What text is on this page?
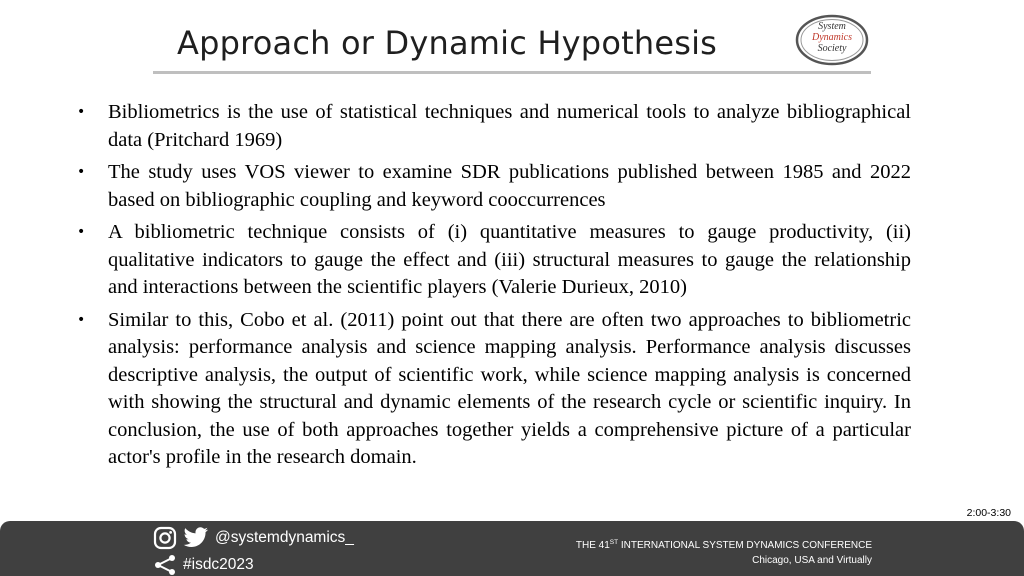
Approach or Dynamic Hypothesis	System
Dynamics
Society
• Bibliometrics is the use of statistical techniques and numerical tools to analyze bibliographical data (Pritchard 1969)
• The study uses VOS viewer to examine SDR publications published between 1985 and 2022 based on bibliographic coupling and keyword cooccurrences
• A bibliometric technique consists of (i) quantitative measures to gauge productivity, (ii) qualitative indicators to gauge the effect and (iii) structural measures to gauge the relationship and interactions between the scientific players (Valerie Durieux, 2010)
• Similar to this, Cobo et al. (2011) point out that there are often two approaches to bibliometric analysis: performance analysis and science mapping analysis. Performance analysis discusses descriptive analysis, the output of scientific work, while science mapping analysis is concerned with showing the structural and dynamic elements of the research cycle or scientific inquiry. In conclusion, the use of both approaches together yields a comprehensive picture of a particular actor's profile in the research domain.
2:00-3:30
@systemdynamics_
#isdc2023
THE 41ST INTERNATIONAL SYSTEM DYNAMICS CONFERENCE
Chicago, USA and Virtually
